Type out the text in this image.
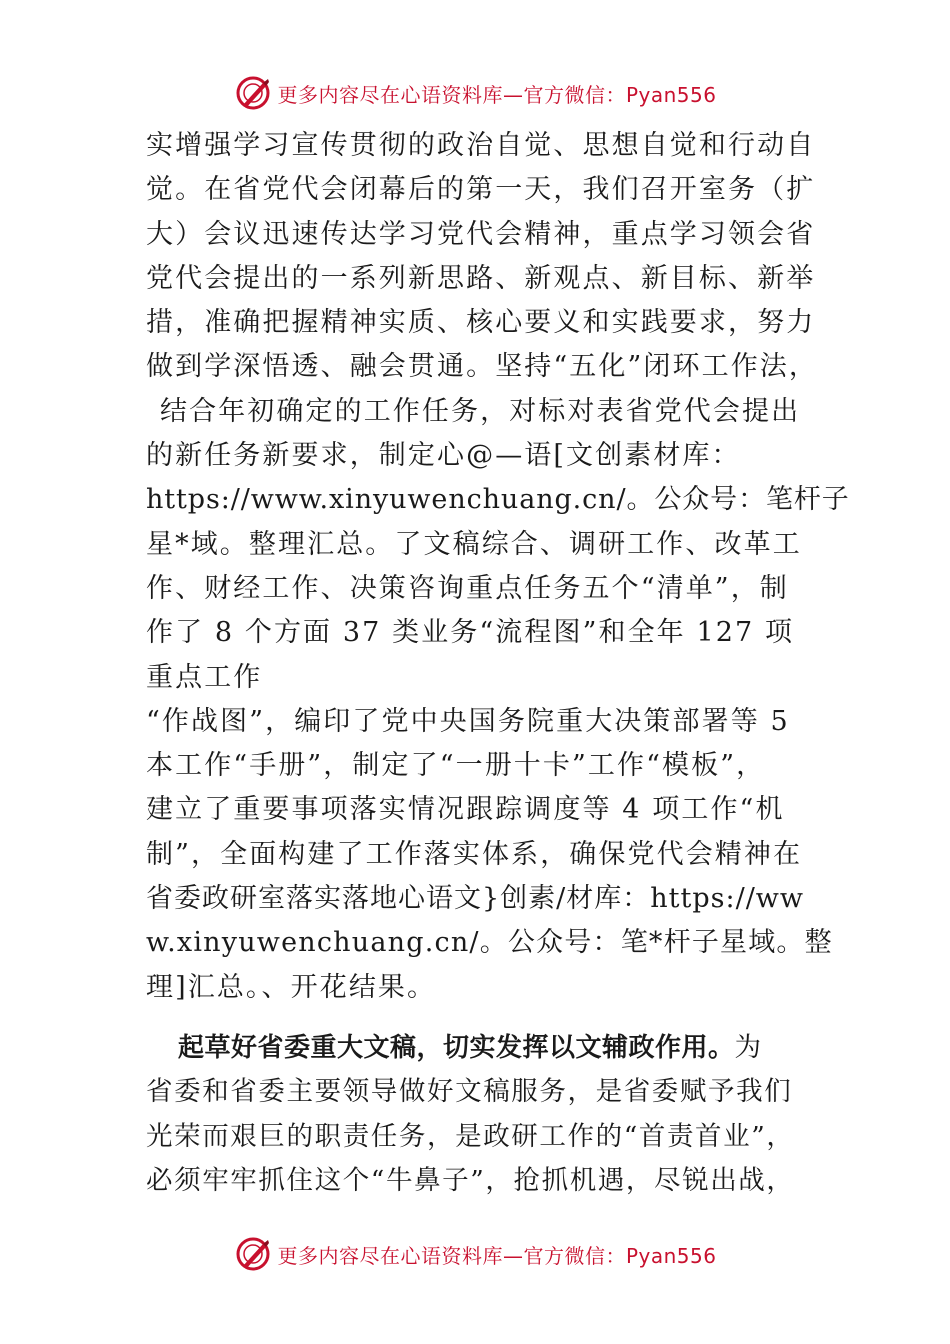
更多内容尽在心语资料库—官方微信：Pyan556
实增强学习宣传贯彻的政治自觉、思想自觉和行动自
觉。在省党代会闭幕后的第一天，我们召开室务（扩
大）会议迅速传达学习党代会精神，重点学习领会省
党代会提出的一系列新思路、新观点、新目标、新举
措，准确把握精神实质、核心要义和实践要求，努力
做到学深悟透、融会贯通。坚持“五化”闭环工作法，
结合年初确定的工作任务，对标对表省党代会提出
的新任务新要求，制定心@—语[文创素材库：
https://www.xinyuwenchuang.cn/。公众号：笔杆子
星*域。整理汇总。了文稿综合、调研工作、改革工
作、财经工作、决策咨询重点任务五个“清单”，制
作了 8 个方面 37 类业务“流程图”和全年 127 项
重点工作
“作战图”，编印了党中央国务院重大决策部署等 5
本工作“手册”，制定了“一册十卡”工作“模板”，
建立了重要事项落实情况跟踪调度等 4 项工作“机
制”，全面构建了工作落实体系，确保党代会精神在
省委政研室落实落地心语文}创素/材库：https://ww
w.xinyuwenchuang.cn/。公众号：笔*杆子星域。整
理]汇总。、开花结果。
起草好省委重大文稿，切实发挥以文辅政作用。为
省委和省委主要领导做好文稿服务，是省委赋予我们
光荣而艰巨的职责任务，是政研工作的“首责首业”，
必须牢牢抓住这个“牛鼻子”，抢抓机遇，尽锐出战，
更多内容尽在心语资料库—官方微信：Pyan556
